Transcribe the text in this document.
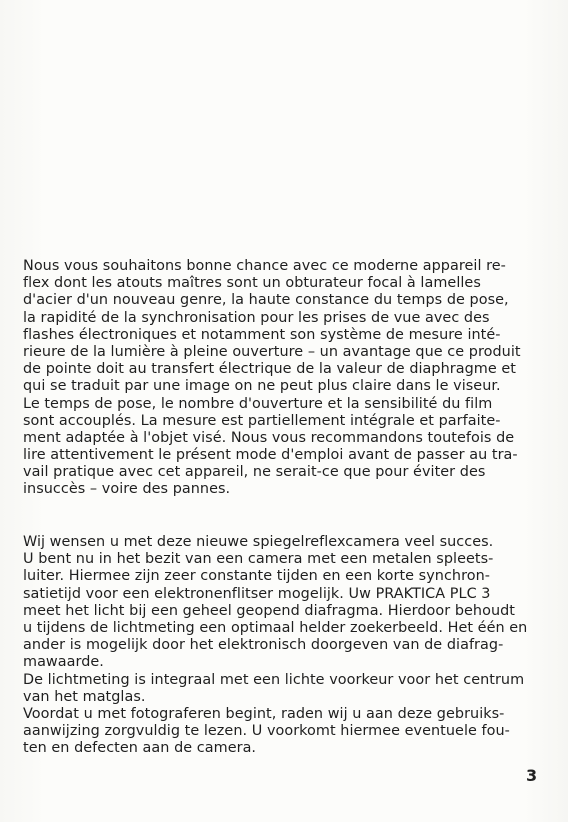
Nous vous souhaitons bonne chance avec ce moderne appareil re-
flex dont les atouts maîtres sont un obturateur focal à lamelles
d'acier d'un nouveau genre, la haute constance du temps de pose,
la rapidité de la synchronisation pour les prises de vue avec des
flashes électroniques et notamment son système de mesure inté-
rieure de la lumière à pleine ouverture – un avantage que ce produit
de pointe doit au transfert électrique de la valeur de diaphragme et
qui se traduit par une image on ne peut plus claire dans le viseur.
Le temps de pose, le nombre d'ouverture et la sensibilité du film
sont accouplés. La mesure est partiellement intégrale et parfaite-
ment adaptée à l'objet visé. Nous vous recommandons toutefois de
lire attentivement le présent mode d'emploi avant de passer au tra-
vail pratique avec cet appareil, ne serait-ce que pour éviter des
insuccès – voire des pannes.
Wij wensen u met deze nieuwe spiegelreflexcamera veel succes.
U bent nu in het bezit van een camera met een metalen spleets-
luiter. Hiermee zijn zeer constante tijden en een korte synchron-
satietijd voor een elektronenflitser mogelijk. Uw PRAKTICA PLC 3
meet het licht bij een geheel geopend diafragma. Hierdoor behoudt
u tijdens de lichtmeting een optimaal helder zoekerbeeld. Het één en
ander is mogelijk door het elektronisch doorgeven van de diafrag-
mawaarde.
De lichtmeting is integraal met een lichte voorkeur voor het centrum
van het matglas.
Voordat u met fotograferen begint, raden wij u aan deze gebruiks-
aanwijzing zorgvuldig te lezen. U voorkomt hiermee eventuele fou-
ten en defecten aan de camera.
3
